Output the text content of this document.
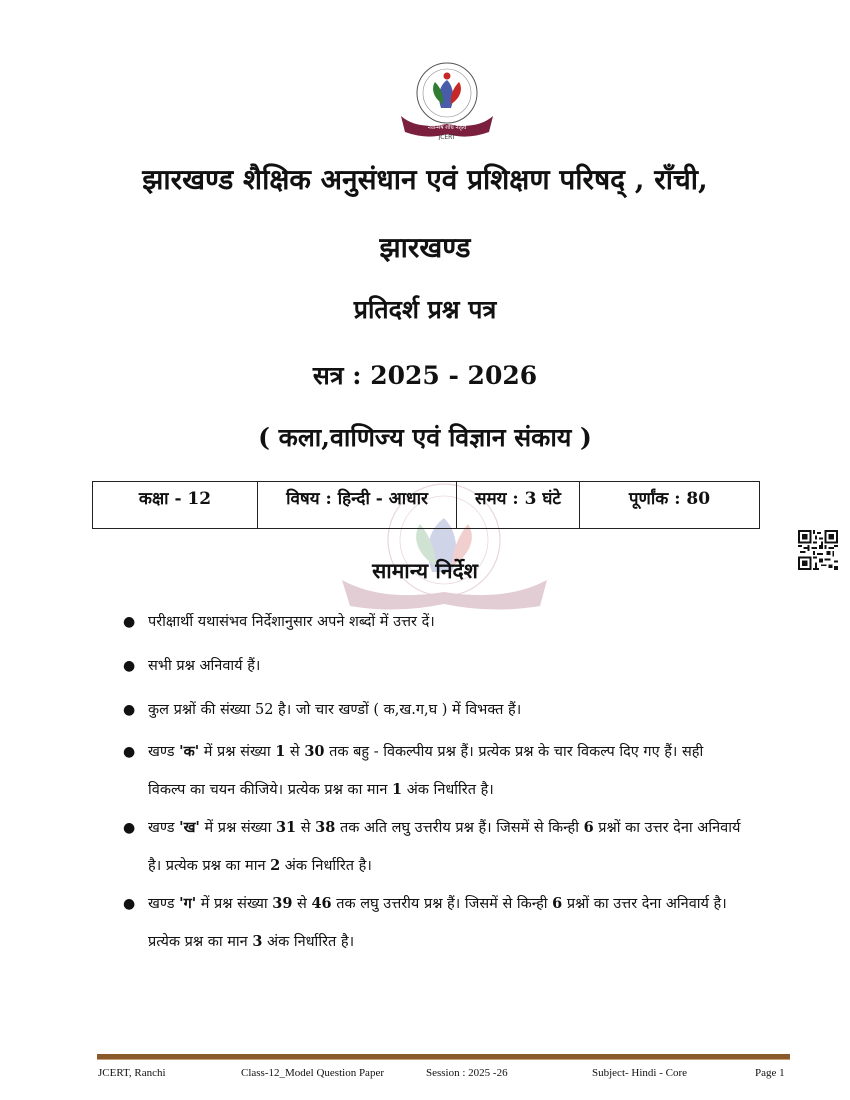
नवोन्मेष शोध नेतृत्व
JCERT
झारखण्ड शैक्षिक अनुसंधान एवं प्रशिक्षण परिषद् , राँची,
झारखण्ड
प्रतिदर्श प्रश्न पत्र
सत्र : 2025 - 2026
( कला,वाणिज्य एवं विज्ञान संकाय )
कक्षा - 12	विषय : हिन्दी - आधार	समय : 3 घंटे	पूर्णांक : 80
सामान्य निर्देश
● परीक्षार्थी यथासंभव निर्देशानुसार अपने शब्दों में उत्तर दें।
● सभी प्रश्न अनिवार्य हैं।
● कुल प्रश्नों की संख्या 52 है। जो चार खण्डों ( क,ख.ग,घ ) में विभक्त हैं।
● खण्ड 'क' में प्रश्न संख्या 1 से 30 तक बहु - विकल्पीय प्रश्न हैं। प्रत्येक प्रश्न के चार विकल्प दिए गए हैं। सही
विकल्प का चयन कीजिये। प्रत्येक प्रश्न का मान 1 अंक निर्धारित है।
● खण्ड 'ख' में प्रश्न संख्या 31 से 38 तक अति लघु उत्तरीय प्रश्न हैं। जिसमें से किन्ही 6 प्रश्नों का उत्तर देना अनिवार्य
है। प्रत्येक प्रश्न का मान 2 अंक निर्धारित है।
● खण्ड 'ग' में प्रश्न संख्या 39 से 46 तक लघु उत्तरीय प्रश्न हैं। जिसमें से किन्ही 6 प्रश्नों का उत्तर देना अनिवार्य है।
प्रत्येक प्रश्न का मान 3 अंक निर्धारित है।
JCERT, Ranchi	Class-12_Model Question Paper	Session : 2025 -26	Subject- Hindi - Core	Page 1
